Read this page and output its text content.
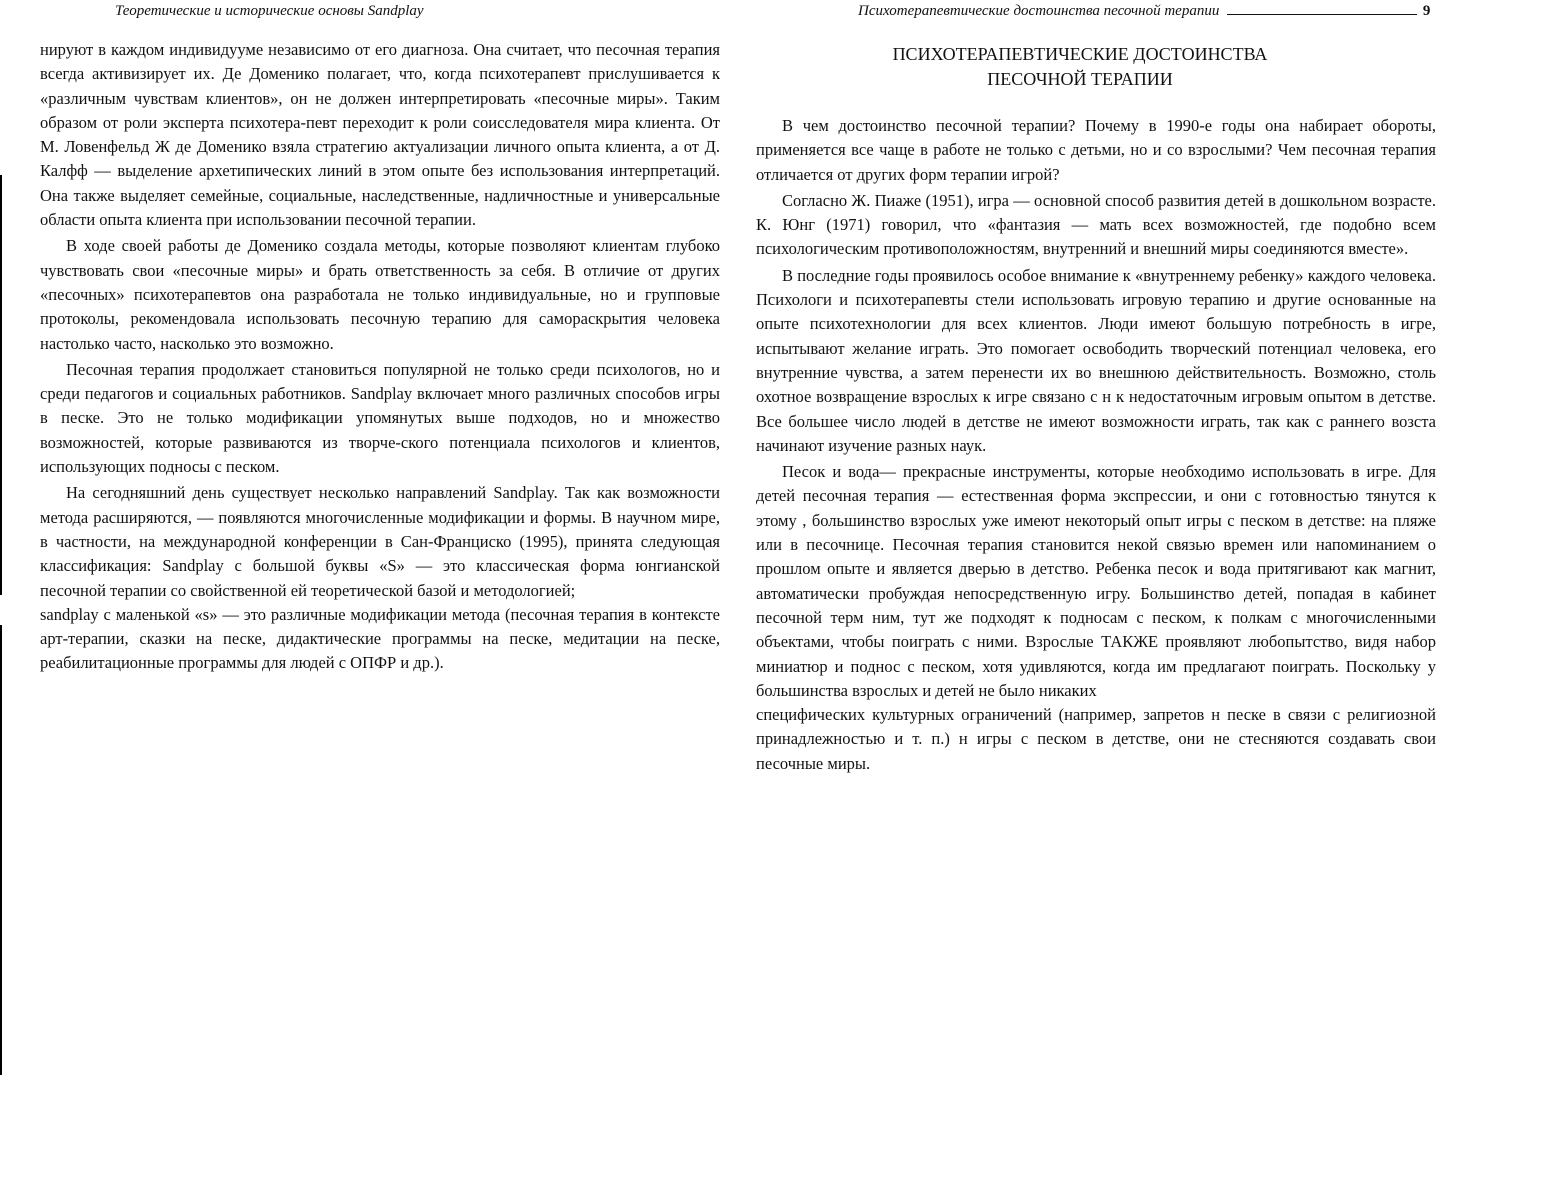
Теоретические и исторические основы Sandplay

нируют в каждом индивидууме независимо от его диагноза. Она считает, что песочная терапия всегда активизирует их. Де Доменико полагает, что, когда психотерапевт прислушивается к «различным чувствам клиентов», он не должен интерпретировать «песочные миры». Таким образом от роли эксперта психотера-певт переходит к роли соисследователя мира клиента. От М. Ловенфельд Ж де Доменико взяла стратегию актуализации личного опыта клиента, а от Д. Калфф — выделение архетипических линий в этом опыте без использования интерпретаций. Она также выделяет семейные, социальные, наследственные, надличностные и универсальные области опыта клиента при использовании песочной терапии.

В ходе своей работы де Доменико создала методы, которые позволяют клиентам глубоко чувствовать свои «песочные миры» и брать ответственность за себя. В отличие от других «песочных» психотерапевтов она разработала не только индивидуальные, но и групповые протоколы, рекомендовала использовать песочную терапию для самораскрытия человека настолько часто, насколько это возможно.

Песочная терапия продолжает становиться популярной не только среди психологов, но и среди педагогов и социальных работников. Sandplay включает много различных способов игры в песке. Это не только модификации упомянутых выше подходов, но и множество возможностей, которые развиваются из творче-ского потенциала психологов и клиентов, использующих подносы с песком.

На сегодняшний день существует несколько направлений Sandplay. Так как возможности метода расширяются, — появляются многочисленные модификации и формы. В научном мире, в частности, на международной конференции в Сан-Франциско (1995), принята следующая классификация: Sandplay с большой буквы «S» — это классическая форма юнгианской песочной терапии со свойственной ей теоретической базой и методологией;

sandplay с маленькой «s» — это различные модификации метода (песочная терапия в контексте арт-терапии, сказки на песке, дидактические программы на песке, медитации на песке, реабилитационные программы для людей с ОПФР и др.).

Психотерапевтические достоинства песочной терапии	9
ПСИХОТЕРАПЕВТИЧЕСКИЕ ДОСТОИНСТВА
ПЕСОЧНОЙ ТЕРАПИИ

В чем достоинство песочной терапии? Почему в 1990-е годы она набирает обороты, применяется все чаще в работе не только с детьми, но и со взрослыми? Чем песочная терапия отличается от других форм терапии игрой?

Согласно Ж. Пиаже (1951), игра — основной способ развития детей в дошкольном возрасте. К. Юнг (1971) говорил, что «фантазия — мать всех возможностей, где подобно всем психологическим противоположностям, внутренний и внешний миры соединяются вместе».

В последние годы проявилось особое внимание к «внутреннему ребенку» каждого человека. Психологи и психотерапевты стели использовать игровую терапию и другие основанные на опыте психотехнологии для всех клиентов. Люди имеют большую потребность в игре, испытывают желание играть. Это помогает освободить творческий потенциал человека, его внутренние чувства, а затем перенести их во внешнюю действительность. Возможно, столь охотное возвращение взрослых к игре связано с н к недостаточным игровым опытом в детстве. Все большее число людей в детстве не имеют возможности играть, так как с раннего возста начинают изучение разных наук.

Песок и вода— прекрасные инструменты, которые необходимо использовать в игре. Для детей песочная терапия — естественная форма экспрессии, и они с готовностью тянутся к этому , большинство взрослых уже имеют некоторый опыт игры с песком в детстве: на пляже или в песочнице. Песочная терапия становится некой связью времен или напоминанием о прошлом опыте и является дверью в детство. Ребенка песок и вода притягивают как магнит, автоматически пробуждая непосредственную игру. Большинство детей, попадая в кабинет песочной терм ним, тут же подходят к подносам с песком, к полкам с многочисленными объектами, чтобы поиграть с ними. Взрослые ТАКЖЕ проявляют любопытство, видя набор миниатюр и поднос с песком, хотя удивляются, когда им предлагают поиграть. Поскольку у большинства взрослых и детей не было никаких

специфических культурных ограничений (например, запретов н песке в связи с религиозной принадлежностью и т. п.) н игры с песком в детстве, они не стесняются создавать свои песочные миры.
